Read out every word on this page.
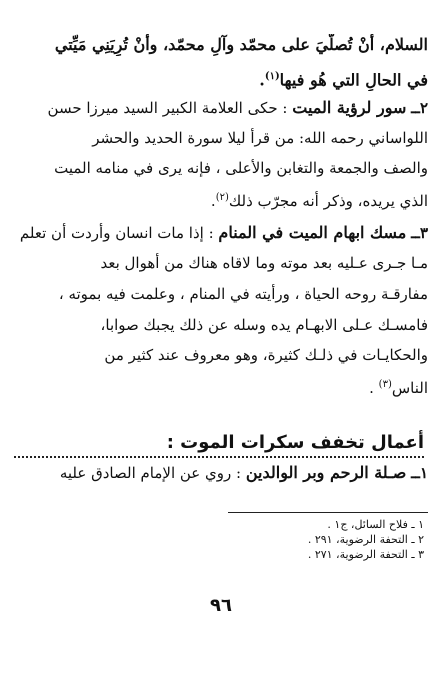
السلام، أنْ تُصلّيَ على محمّد وآلِ محمّد، وأنْ تُرِيَنِي مَيِّتي
في الحالِ التي هُو فيها$^{(١)}$.
٢ــ سور لرؤية الميت : حكى العلامة الكبير السيد ميرزا حسن
اللواساني رحمه الله: من قرأ ليلا سورة الحديد والحشر
والصف والجمعة والتغابن والأعلى ، فإنه يرى في منامه الميت
الذي يريده، وذكر أنه مجرّب ذلك$^{(٢)}$.
٣ــ مسك ابهام الميت في المنام : إذا مات انسان وأردت أن تعلم
مـا جـرى عـليه بعد موته وما لاقاه هناك من أهوال بعد
مفارقـة روحه الحياة ، ورأيته في المنام ، وعلمت فيه بموته ،
فامسـك عـلى الابهـام يده وسله عن ذلك يجبك صوابا،
والحكايـات في ذلـك كثيرة، وهو معروف عند كثير من
الناس$^{(٣)}$ .
أعمال تخفف سكرات الموت :
١ــ صـلة الرحم وبر الوالدين : روي عن الإمام الصادق عليه
١ ـ فلاح السائل، ج١ .
٢ ـ التحفة الرضوية، ٢٩١ .
٣ ـ التحفة الرضوية، ٢٧١ .
٩٦
